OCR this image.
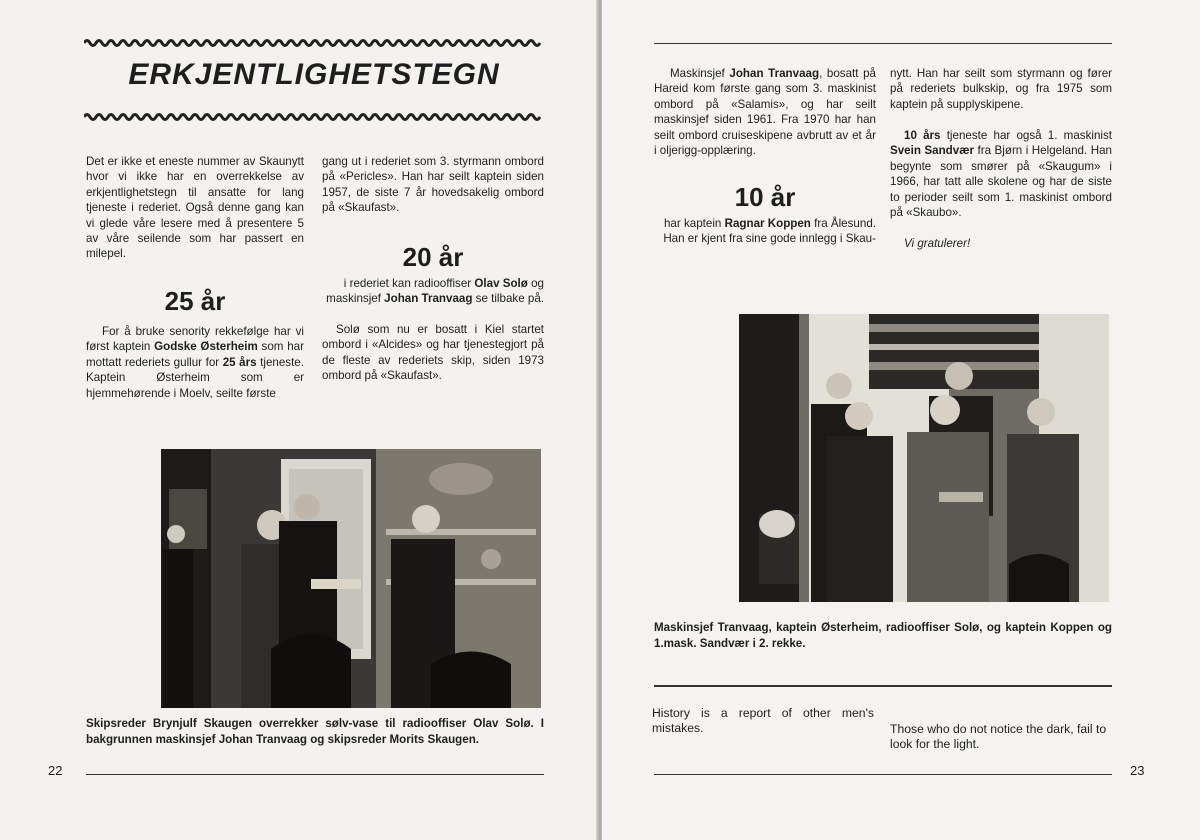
ERKJENTLIGHETSTEGN

Det er ikke et eneste nummer av Skaunytt hvor vi ikke har en overrekkelse av erkjentlighetstegn til ansatte for lang tjeneste i rederiet. Også denne gang kan vi glede våre lesere med å presentere 5 av våre seilende som har passert en milepel.

25 år

For å bruke senority rekkefølge har vi først kaptein Godske Østerheim som har mottatt rederiets gullur for 25 års tjeneste. Kaptein Østerheim som er hjemmehørende i Moelv, seilte første

gang ut i rederiet som 3. styrmann ombord på «Pericles». Han har seilt kaptein siden 1957, de siste 7 år hovedsakelig ombord på «Skaufast».

20 år

i rederiet kan radiooffiser Olav Solø og maskinsjef Johan Tranvaag se tilbake på.

Solø som nu er bosatt i Kiel startet ombord i «Alcides» og har tjenestegjort på de fleste av rederiets skip, siden 1973 ombord på «Skaufast».

Skipsreder Brynjulf Skaugen overrekker sølv-vase til radiooffiser Olav Solø. I bakgrunnen maskinsjef Johan Tranvaag og skipsreder Morits Skaugen.

22

Maskinsjef Johan Tranvaag, bosatt på Hareid kom første gang som 3. maskinist ombord på «Salamis», og har seilt maskinsjef siden 1961. Fra 1970 har han seilt ombord cruiseskipene avbrutt av et år i oljerigg-opplæring.

10 år

har kaptein Ragnar Koppen fra Ålesund. Han er kjent fra sine gode innlegg i Skau-

nytt. Han har seilt som styrmann og fører på rederiets bulkskip, og fra 1975 som kaptein på supplyskipene.

10 års tjeneste har også 1. maskinist Svein Sandvær fra Bjørn i Helgeland. Han begynte som smører på «Skaugum» i 1966, har tatt alle skolene og har de siste to perioder seilt som 1. maskinist ombord på «Skaubo».

Vi gratulerer!

Maskinsjef Tranvaag, kaptein Østerheim, radiooffiser Solø, og kaptein Koppen og 1.mask. Sandvær i 2. rekke.

History is a report of other men's mistakes.	Those who do not notice the dark, fail to look for the light.

23
